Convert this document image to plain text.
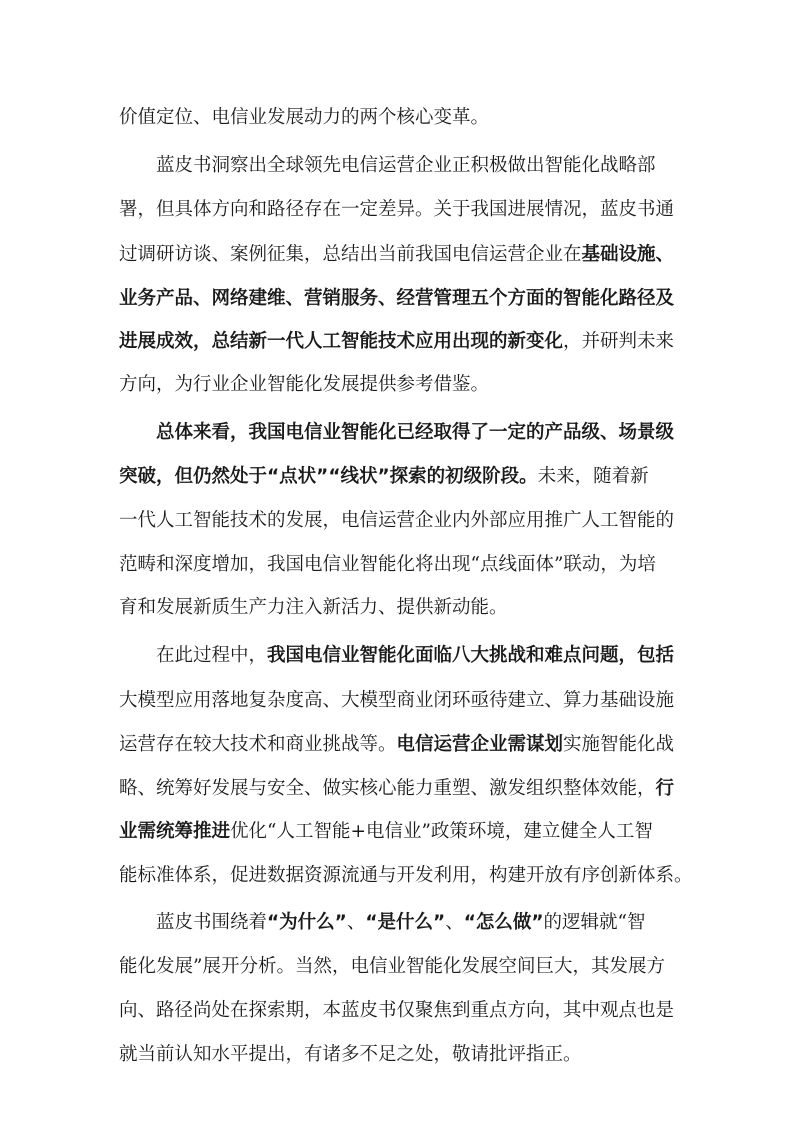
价值定位、电信业发展动力的两个核心变革。
蓝皮书洞察出全球领先电信运营企业正积极做出智能化战略部
署，但具体方向和路径存在一定差异。关于我国进展情况，蓝皮书通
过调研访谈、案例征集，总结出当前我国电信运营企业在基础设施、
业务产品、网络建维、营销服务、经营管理五个方面的智能化路径及
进展成效，总结新一代人工智能技术应用出现的新变化，并研判未来
方向，为行业企业智能化发展提供参考借鉴。
总体来看，我国电信业智能化已经取得了一定的产品级、场景级
突破，但仍然处于“点状”“线状”探索的初级阶段。未来，随着新
一代人工智能技术的发展，电信运营企业内外部应用推广人工智能的
范畴和深度增加，我国电信业智能化将出现“点线面体”联动，为培
育和发展新质生产力注入新活力、提供新动能。
在此过程中，我国电信业智能化面临八大挑战和难点问题，包括
大模型应用落地复杂度高、大模型商业闭环亟待建立、算力基础设施
运营存在较大技术和商业挑战等。电信运营企业需谋划实施智能化战
略、统筹好发展与安全、做实核心能力重塑、激发组织整体效能，行
业需统筹推进优化“人工智能+电信业”政策环境，建立健全人工智
能标准体系，促进数据资源流通与开发利用，构建开放有序创新体系。
蓝皮书围绕着“为什么”、“是什么”、“怎么做”的逻辑就“智
能化发展”展开分析。当然，电信业智能化发展空间巨大，其发展方
向、路径尚处在探索期，本蓝皮书仅聚焦到重点方向，其中观点也是
就当前认知水平提出，有诸多不足之处，敬请批评指正。
